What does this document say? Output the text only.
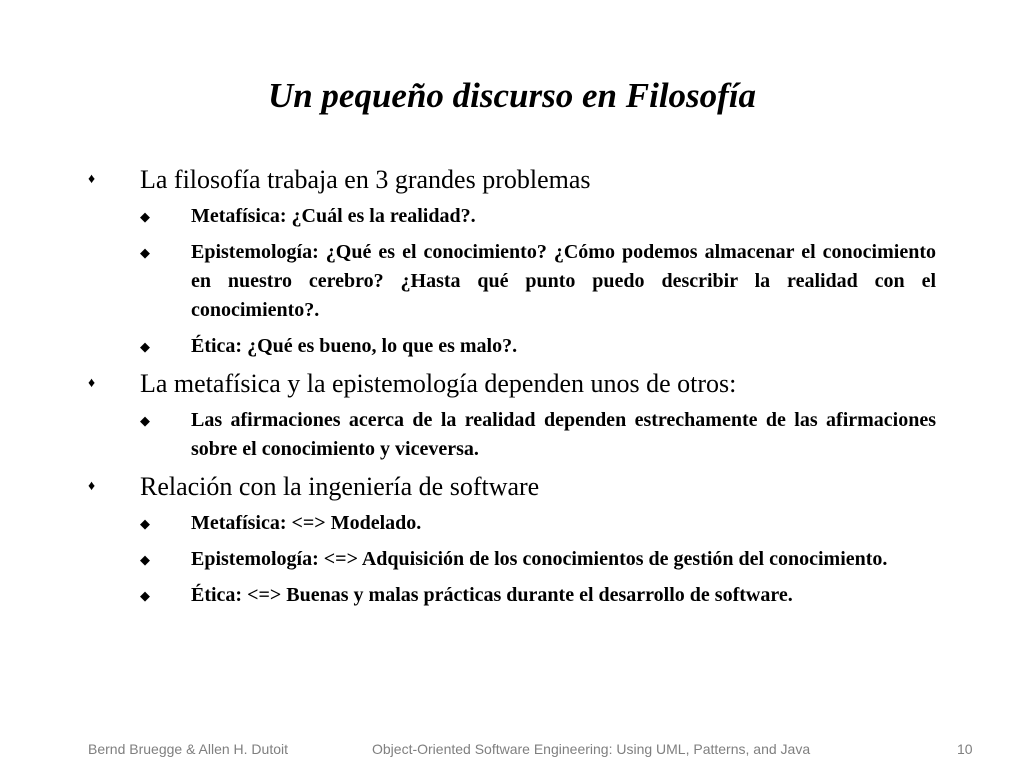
Un pequeño discurso en Filosofía
♦ La filosofía trabaja en 3 grandes problemas
◆ Metafísica: ¿Cuál es la realidad?.
◆ Epistemología: ¿Qué es el conocimiento? ¿Cómo podemos almacenar el conocimiento en nuestro cerebro? ¿Hasta qué punto puedo describir la realidad con el conocimiento?.
◆ Ética: ¿Qué es bueno, lo que es malo?.
♦ La metafísica y la epistemología dependen unos de otros:
◆ Las afirmaciones acerca de la realidad dependen estrechamente de las afirmaciones sobre el conocimiento y viceversa.
♦ Relación con la ingeniería de software
◆ Metafísica: <=> Modelado.
◆ Epistemología: <=> Adquisición de los conocimientos de gestión del conocimiento.
◆ Ética: <=> Buenas y malas prácticas durante el desarrollo de software.
Bernd Bruegge & Allen H. Dutoit	Object-Oriented Software Engineering: Using UML, Patterns, and Java	10
